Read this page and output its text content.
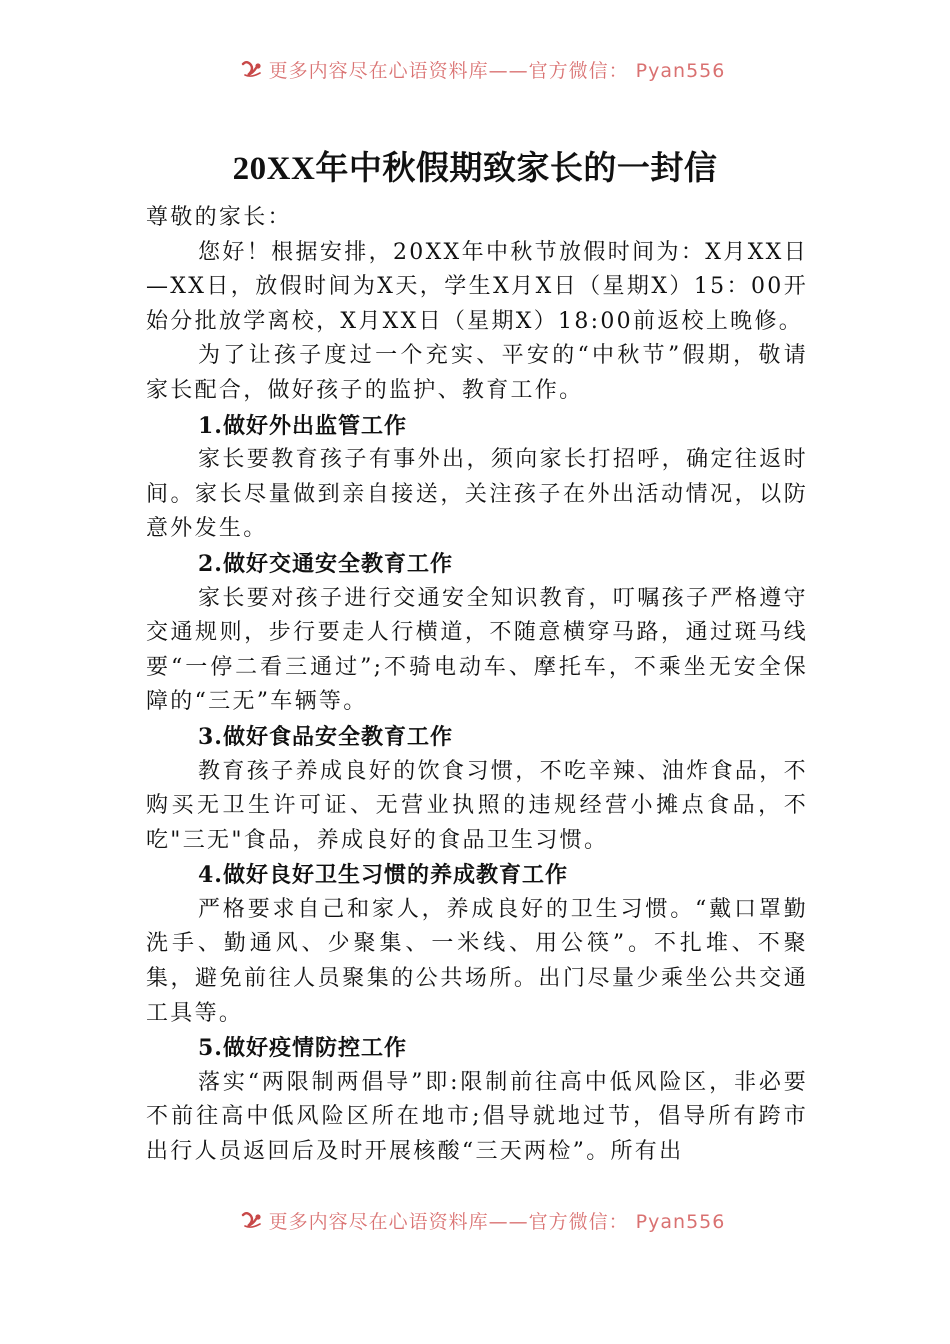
更多内容尽在心语资料库——官方微信： Pyan556
20XX年中秋假期致家长的一封信

尊敬的家长：

您好！根据安排，20XX年中秋节放假时间为：X月XX日—XX日，放假时间为X天，学生X月X日（星期X）15：00开始分批放学离校，X月XX日（星期X）18:00前返校上晚修。

为了让孩子度过一个充实、平安的“中秋节”假期，敬请家长配合，做好孩子的监护、教育工作。

1.做好外出监管工作

家长要教育孩子有事外出，须向家长打招呼，确定往返时间。家长尽量做到亲自接送，关注孩子在外出活动情况，以防意外发生。

2.做好交通安全教育工作

家长要对孩子进行交通安全知识教育，叮嘱孩子严格遵守交通规则，步行要走人行横道，不随意横穿马路，通过斑马线要“一停二看三通过”;不骑电动车、摩托车，不乘坐无安全保障的“三无”车辆等。

3.做好食品安全教育工作

教育孩子养成良好的饮食习惯，不吃辛辣、油炸食品，不购买无卫生许可证、无营业执照的违规经营小摊点食品，不吃"三无"食品，养成良好的食品卫生习惯。

4.做好良好卫生习惯的养成教育工作

严格要求自己和家人，养成良好的卫生习惯。“戴口罩勤洗手、勤通风、少聚集、一米线、用公筷”。不扎堆、不聚集，避免前往人员聚集的公共场所。出门尽量少乘坐公共交通工具等。

5.做好疫情防控工作

落实“两限制两倡导”即:限制前往高中低风险区，非必要不前往高中低风险区所在地市;倡导就地过节，倡导所有跨市出行人员返回后及时开展核酸“三天两检”。所有出

更多内容尽在心语资料库——官方微信： Pyan556
